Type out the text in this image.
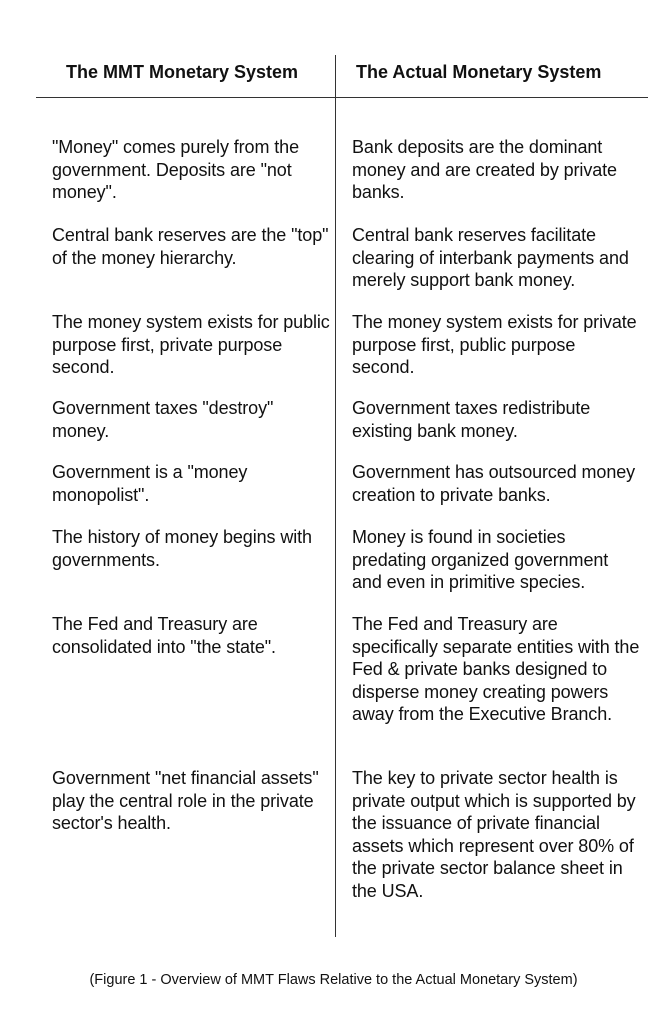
The MMT Monetary System	The Actual Monetary System
"Money" comes purely from the government. Deposits are "not money".
Bank deposits are the dominant money and are created by private banks.
Central bank reserves are the "top" of the money hierarchy.
Central bank reserves facilitate clearing of interbank payments and merely support bank money.
The money system exists for public purpose first, private purpose second.
The money system exists for private purpose first, public purpose second.
Government taxes "destroy" money.
Government taxes redistribute existing bank money.
Government is a "money monopolist".
Government has outsourced money creation to private banks.
The history of money begins with governments.
Money is found in societies predating organized government and even in primitive species.
The Fed and Treasury are consolidated into "the state".
The Fed and Treasury are specifically separate entities with the Fed & private banks designed to disperse money creating powers away from the Executive Branch.
Government "net financial assets" play the central role in the private sector's health.
The key to private sector health is private output which is supported by the issuance of private financial assets which represent over 80% of the private sector balance sheet in the USA.
(Figure 1 - Overview of MMT Flaws Relative to the Actual Monetary System)
